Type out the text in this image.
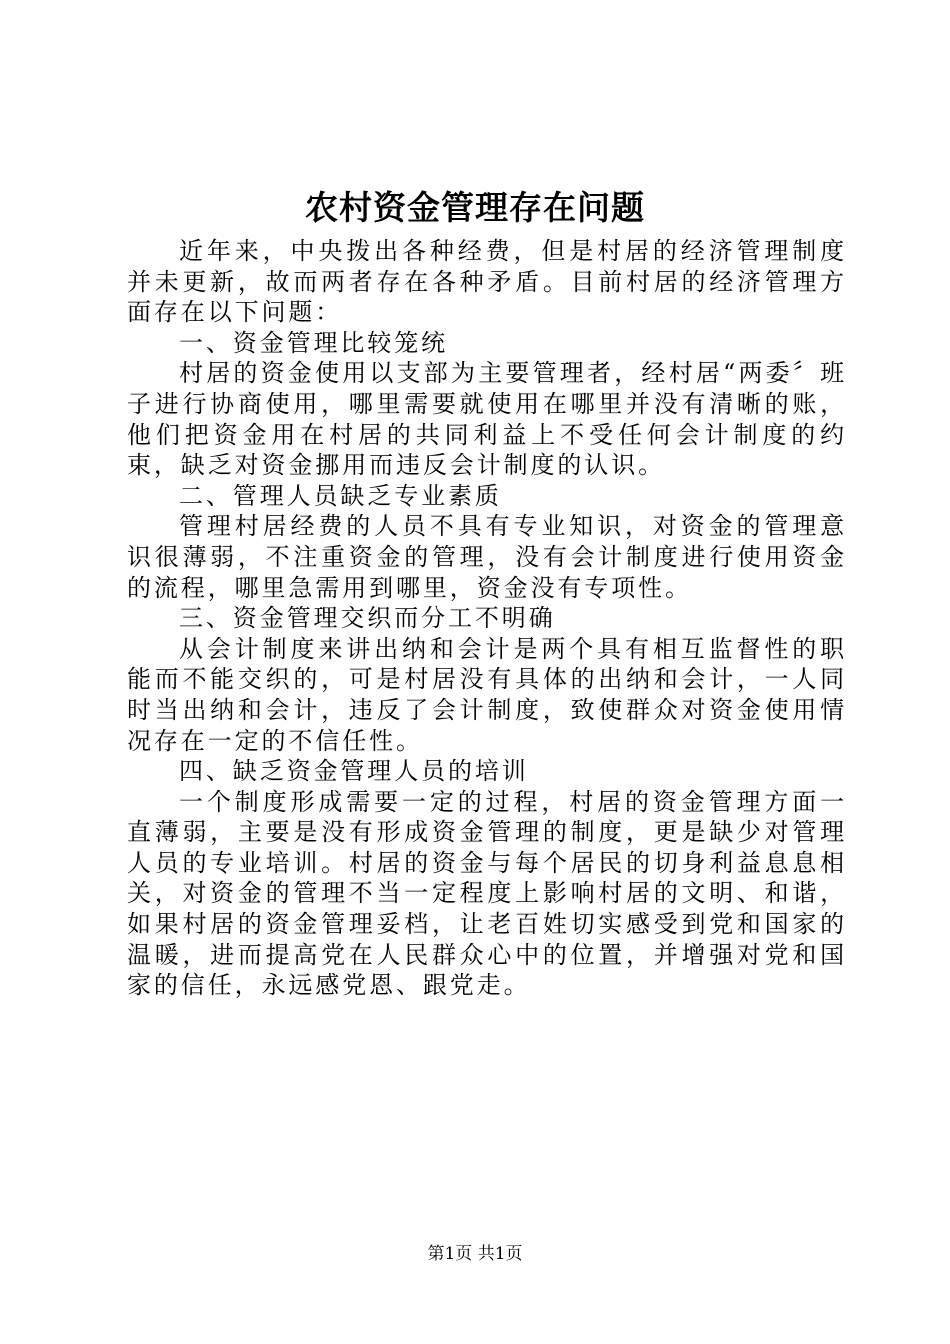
农村资金管理存在问题

近年来，中央拨出各种经费，但是村居的经济管理制度并未更新，故而两者存在各种矛盾。目前村居的经济管理方面存在以下问题：

一、资金管理比较笼统

村居的资金使用以支部为主要管理者，经村居“两委〞班子进行协商使用，哪里需要就使用在哪里并没有清晰的账，他们把资金用在村居的共同利益上不受任何会计制度的约束，缺乏对资金挪用而违反会计制度的认识。

二、管理人员缺乏专业素质

管理村居经费的人员不具有专业知识，对资金的管理意识很薄弱，不注重资金的管理，没有会计制度进行使用资金的流程，哪里急需用到哪里，资金没有专项性。

三、资金管理交织而分工不明确

从会计制度来讲出纳和会计是两个具有相互监督性的职能而不能交织的，可是村居没有具体的出纳和会计，一人同时当出纳和会计，违反了会计制度，致使群众对资金使用情况存在一定的不信任性。

四、缺乏资金管理人员的培训

一个制度形成需要一定的过程，村居的资金管理方面一直薄弱，主要是没有形成资金管理的制度，更是缺少对管理人员的专业培训。村居的资金与每个居民的切身利益息息相关，对资金的管理不当一定程度上影响村居的文明、和谐，如果村居的资金管理妥档，让老百姓切实感受到党和国家的温暖，进而提高党在人民群众心中的位置，并增强对党和国家的信任，永远感党恩、跟党走。

第1页 共1页
